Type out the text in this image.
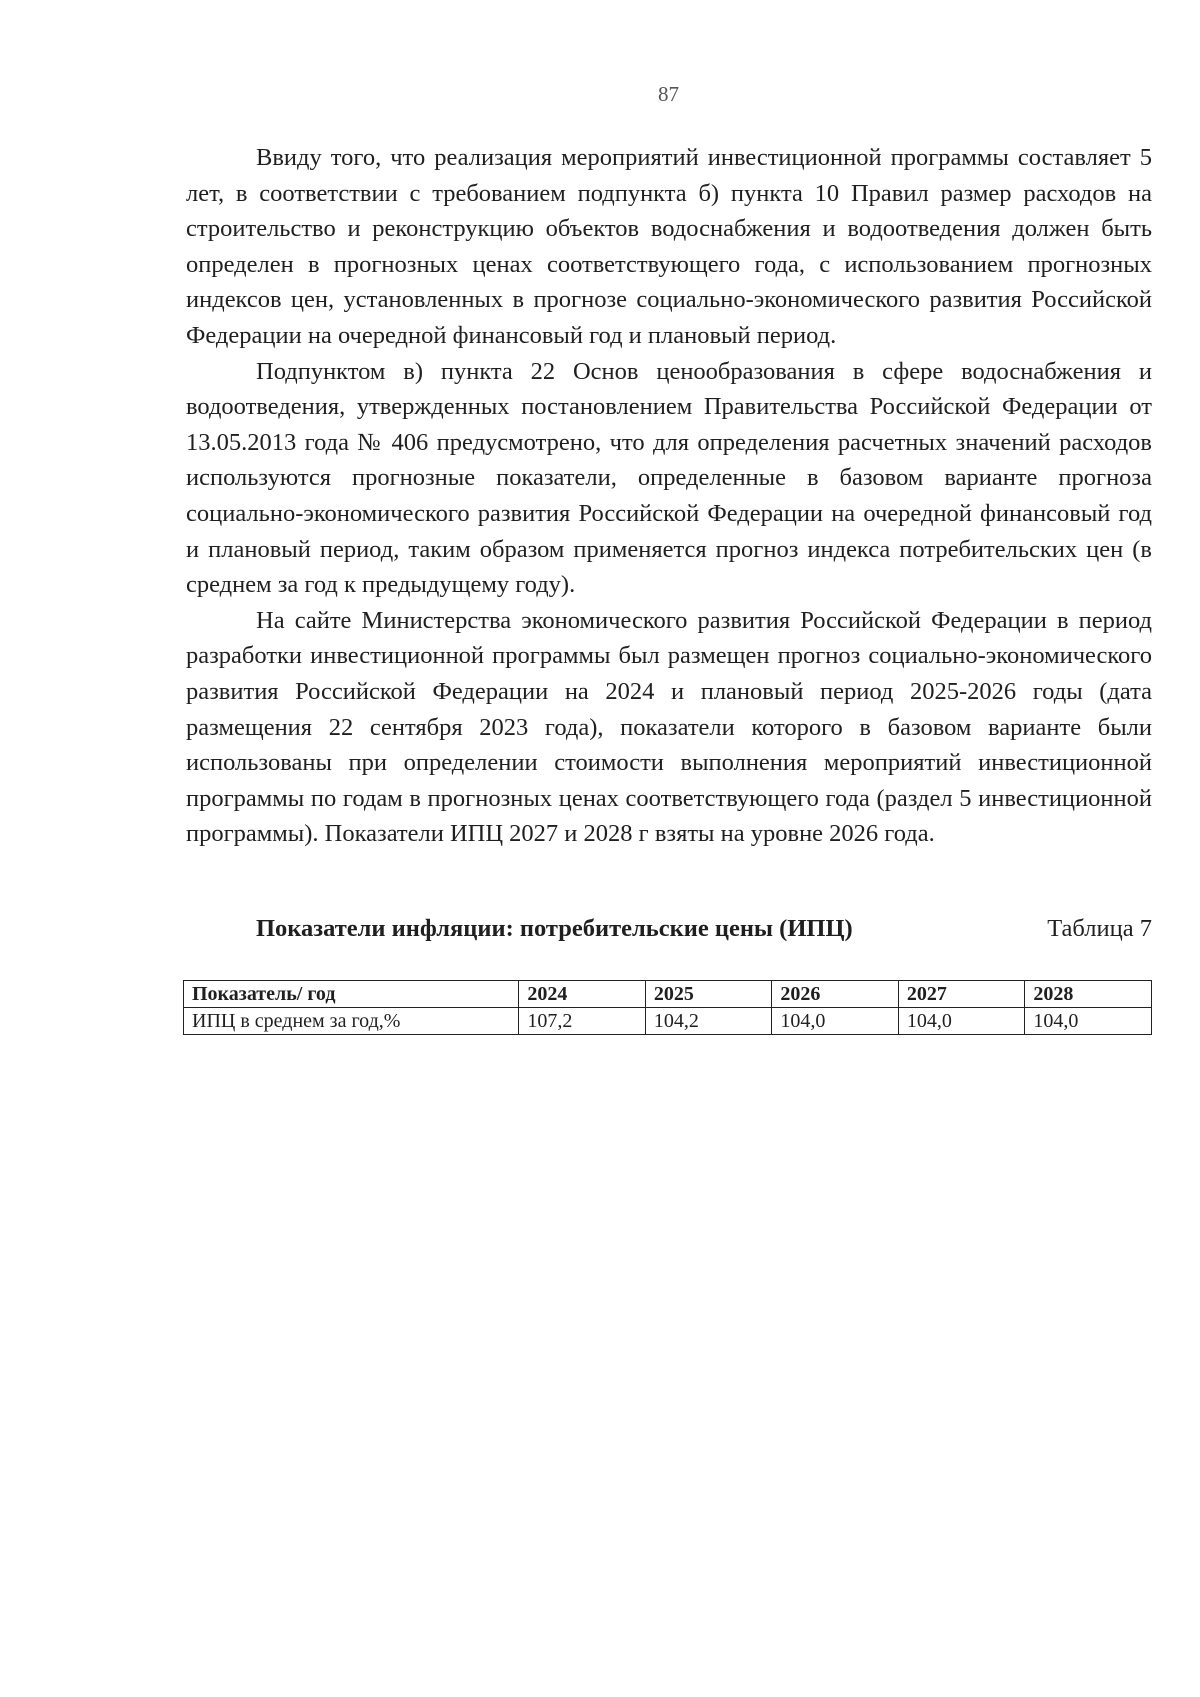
87

Ввиду того, что реализация мероприятий инвестиционной программы составляет 5 лет, в соответствии с требованием подпункта б) пункта 10 Правил размер расходов на строительство и реконструкцию объектов водоснабжения и водоотведения должен быть определен в прогнозных ценах соответствующего года, с использованием прогнозных индексов цен, установленных в прогнозе социально-экономического развития Российской Федерации на очередной финансовый год и плановый период.

Подпунктом в) пункта 22 Основ ценообразования в сфере водоснабжения и водоотведения, утвержденных постановлением Правительства Российской Федерации от 13.05.2013 года № 406 предусмотрено, что для определения расчетных значений расходов используются прогнозные показатели, определенные в базовом варианте прогноза социально-экономического развития Российской Федерации на очередной финансовый год и плановый период, таким образом применяется прогноз индекса потребительских цен (в среднем за год к предыдущему году).

На сайте Министерства экономического развития Российской Федерации в период разработки инвестиционной программы был размещен прогноз социально-экономического развития Российской Федерации на 2024 и плановый период 2025-2026 годы (дата размещения 22 сентября 2023 года), показатели которого в базовом варианте были использованы при определении стоимости выполнения мероприятий инвестиционной программы по годам в прогнозных ценах соответствующего года (раздел 5 инвестиционной программы). Показатели ИПЦ 2027 и 2028 г взяты на уровне 2026 года.

Показатели инфляции: потребительские цены (ИПЦ)	Таблица 7
Показатель/ год	2024	2025	2026	2027	2028
ИПЦ в среднем за год,%	107,2	104,2	104,0	104,0	104,0
